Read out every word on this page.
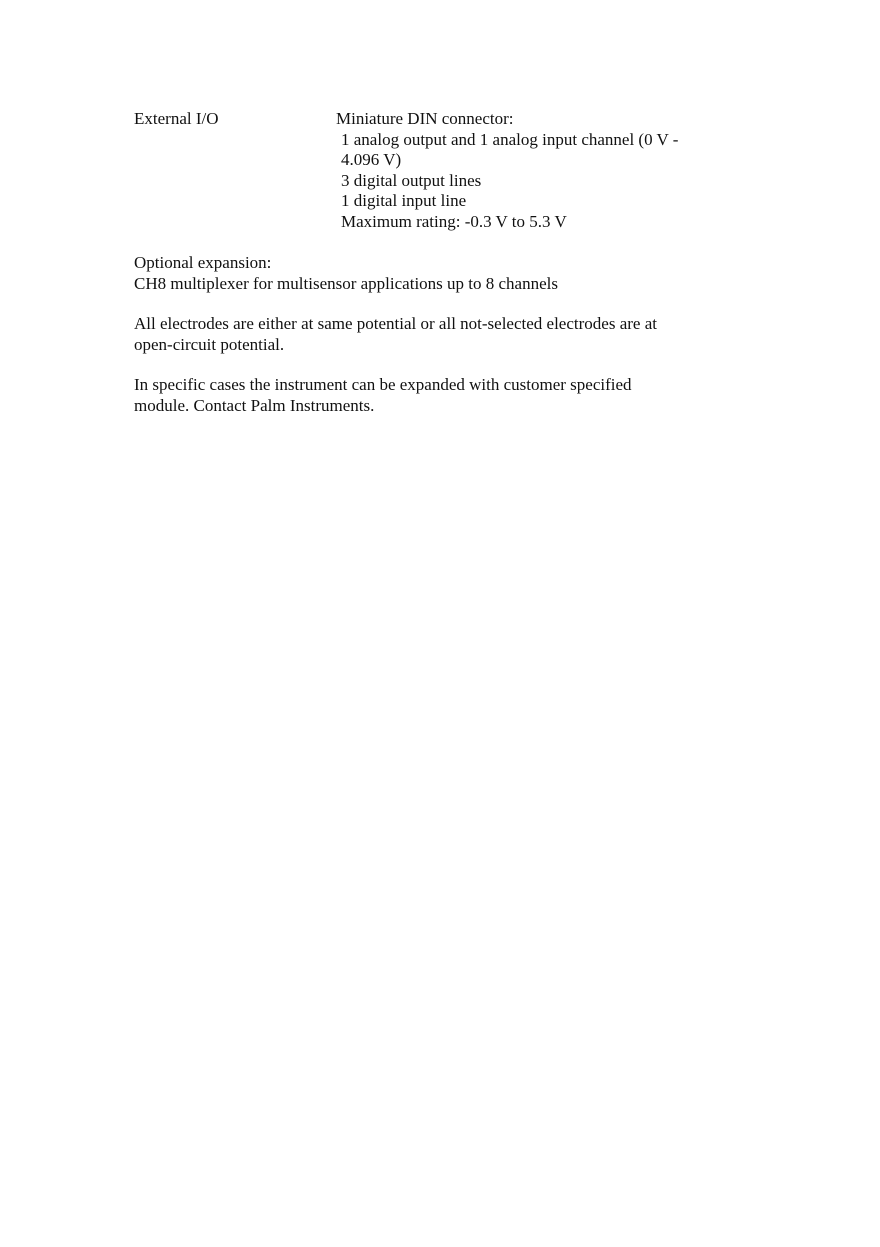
External I/O	Miniature DIN connector:
1 analog output and 1 analog input channel (0 V -
4.096 V)
3 digital output lines
1 digital input line
Maximum rating: -0.3 V to 5.3 V
Optional expansion:
CH8 multiplexer for multisensor applications up to 8 channels
All electrodes are either at same potential or all not-selected electrodes are at
open-circuit potential.
In specific cases the instrument can be expanded with customer specified
module. Contact Palm Instruments.
